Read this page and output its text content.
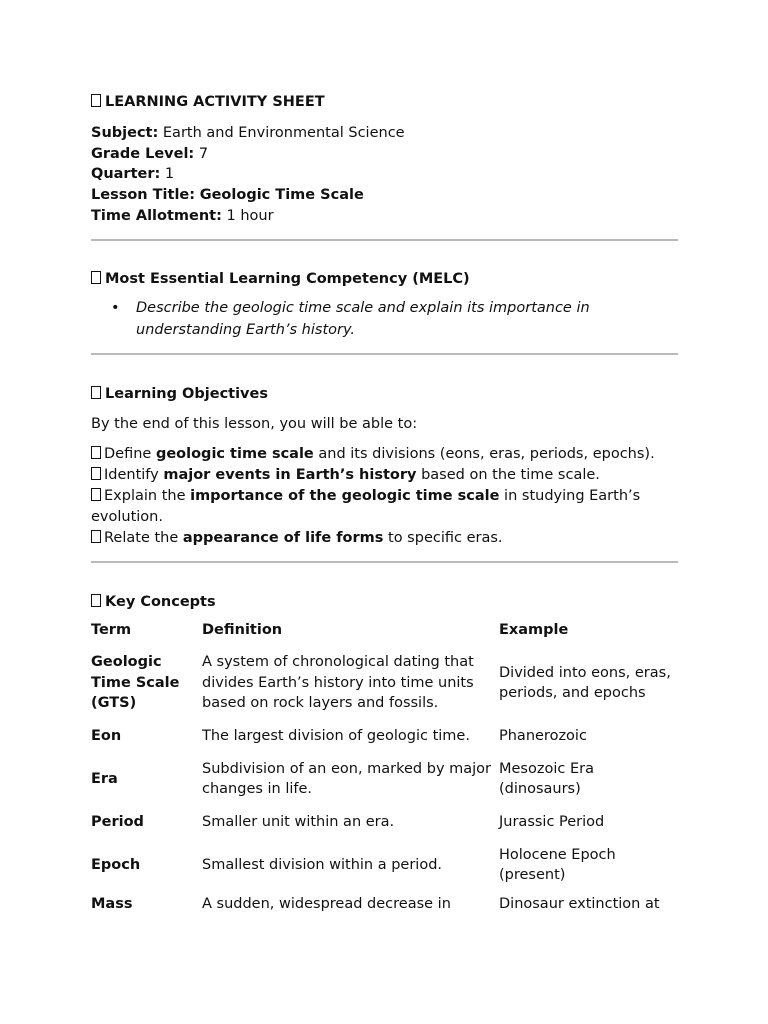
LEARNING ACTIVITY SHEET
Subject: Earth and Environmental Science
Grade Level: 7
Quarter: 1
Lesson Title: Geologic Time Scale
Time Allotment: 1 hour
Most Essential Learning Competency (MELC)
• Describe the geologic time scale and explain its importance in understanding Earth’s history.
Learning Objectives
By the end of this lesson, you will be able to:
Define geologic time scale and its divisions (eons, eras, periods, epochs).
Identify major events in Earth’s history based on the time scale.
Explain the importance of the geologic time scale in studying Earth’s evolution.
Relate the appearance of life forms to specific eras.
Key Concepts
Term	Definition	Example
Geologic Time Scale (GTS)	A system of chronological dating that divides Earth’s history into time units based on rock layers and fossils.	Divided into eons, eras, periods, and epochs
Eon	The largest division of geologic time.	Phanerozoic
Era	Subdivision of an eon, marked by major changes in life.	Mesozoic Era (dinosaurs)
Period	Smaller unit within an era.	Jurassic Period
Epoch	Smallest division within a period.	Holocene Epoch (present)
Mass	A sudden, widespread decrease in	Dinosaur extinction at
